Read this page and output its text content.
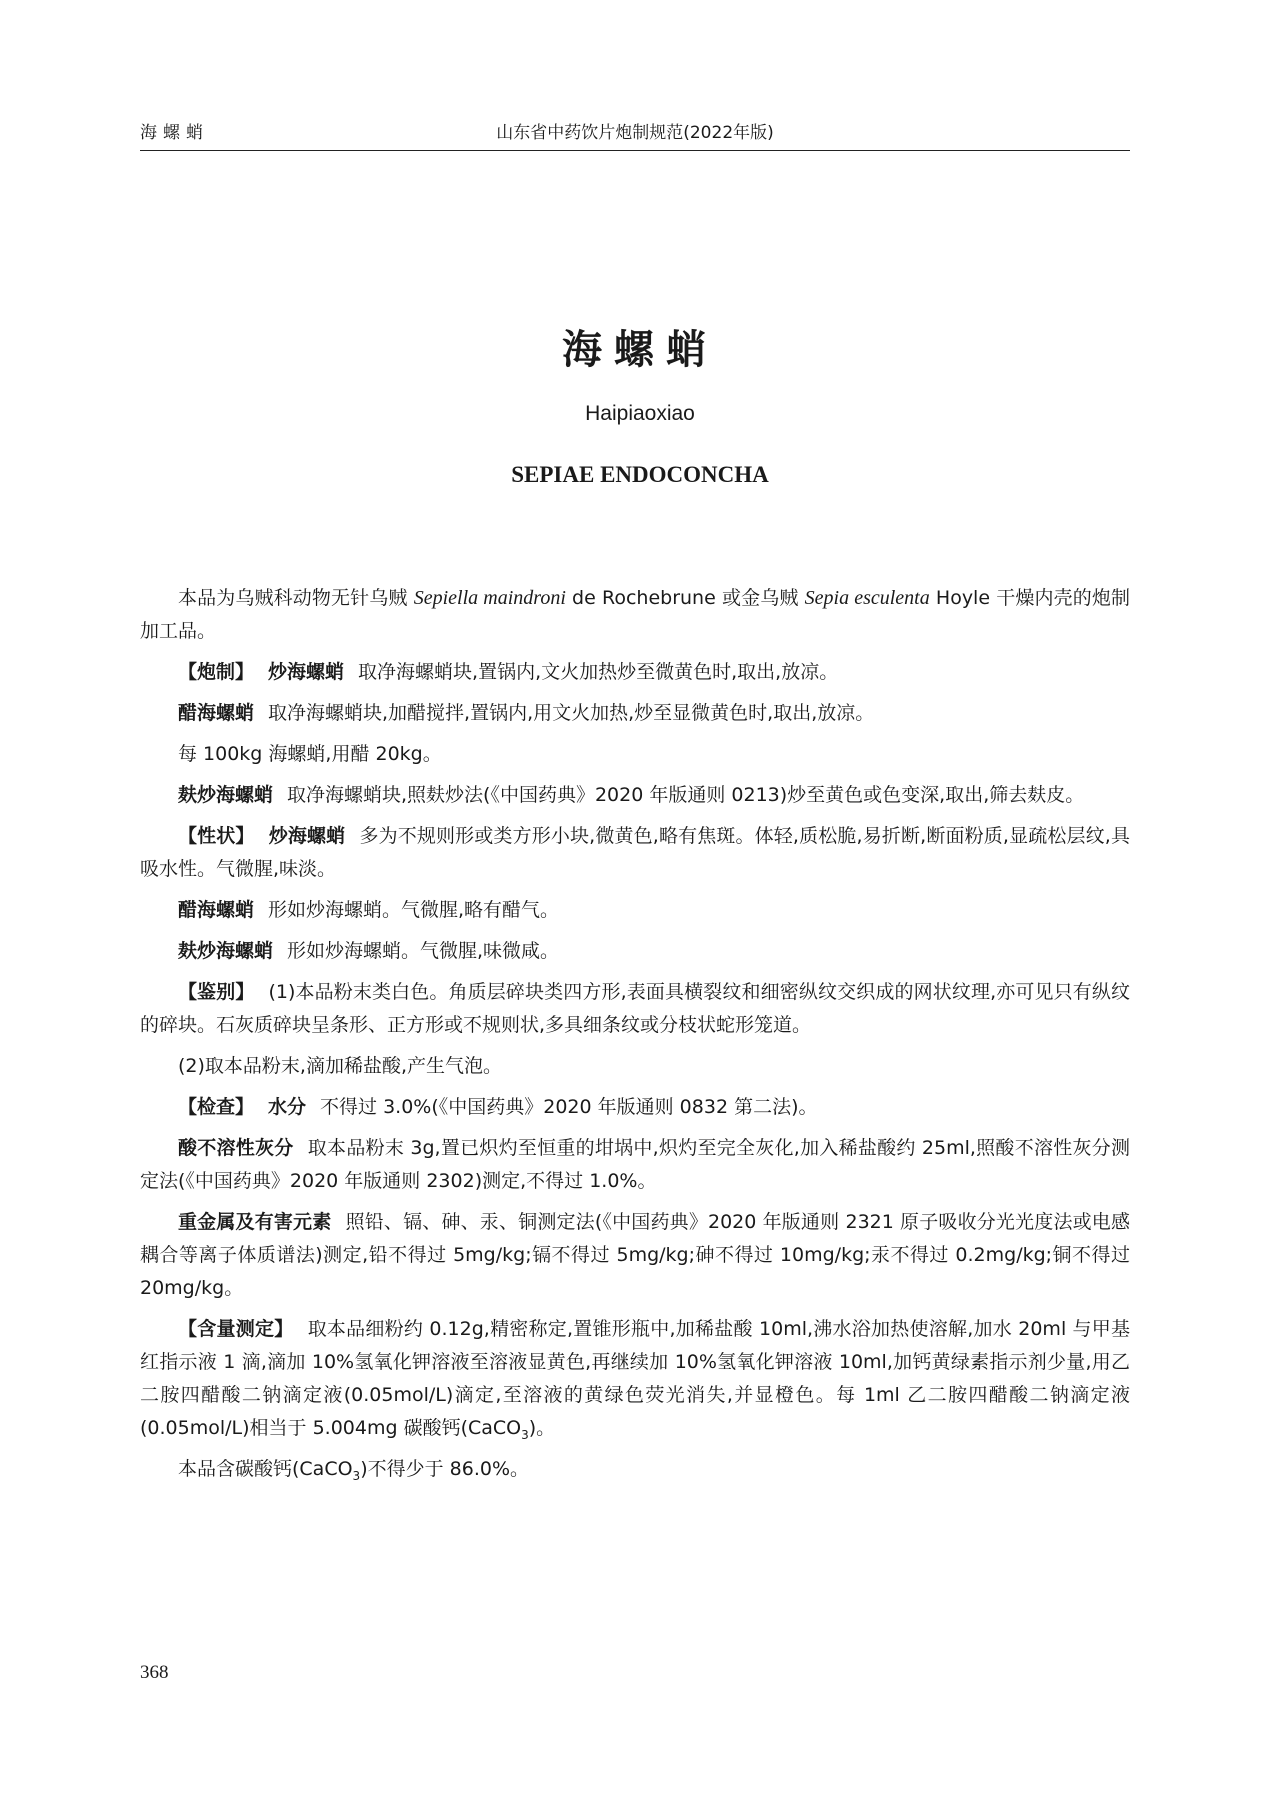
海螺蛸	山东省中药饮片炮制规范(2022年版)
海螺蛸
Haipiaoxiao
SEPIAE ENDOCONCHA

本品为乌贼科动物无针乌贼 Sepiella maindroni de Rochebrune 或金乌贼 Sepia esculenta Hoyle 干燥内壳的炮制加工品。

【炮制】 炒海螺蛸 取净海螺蛸块,置锅内,文火加热炒至微黄色时,取出,放凉。

醋海螺蛸 取净海螺蛸块,加醋搅拌,置锅内,用文火加热,炒至显微黄色时,取出,放凉。

每 100kg 海螺蛸,用醋 20kg。

麸炒海螺蛸 取净海螺蛸块,照麸炒法(《中国药典》2020 年版通则 0213)炒至黄色或色变深,取出,筛去麸皮。

【性状】 炒海螺蛸 多为不规则形或类方形小块,微黄色,略有焦斑。体轻,质松脆,易折断,断面粉质,显疏松层纹,具吸水性。气微腥,味淡。

醋海螺蛸 形如炒海螺蛸。气微腥,略有醋气。

麸炒海螺蛸 形如炒海螺蛸。气微腥,味微咸。

【鉴别】 (1)本品粉末类白色。角质层碎块类四方形,表面具横裂纹和细密纵纹交织成的网状纹理,亦可见只有纵纹的碎块。石灰质碎块呈条形、正方形或不规则状,多具细条纹或分枝状蛇形笼道。

(2)取本品粉末,滴加稀盐酸,产生气泡。

【检查】 水分 不得过 3.0%(《中国药典》2020 年版通则 0832 第二法)。

酸不溶性灰分 取本品粉末 3g,置已炽灼至恒重的坩埚中,炽灼至完全灰化,加入稀盐酸约 25ml,照酸不溶性灰分测定法(《中国药典》2020 年版通则 2302)测定,不得过 1.0%。

重金属及有害元素 照铅、镉、砷、汞、铜测定法(《中国药典》2020 年版通则 2321 原子吸收分光光度法或电感耦合等离子体质谱法)测定,铅不得过 5mg/kg;镉不得过 5mg/kg;砷不得过 10mg/kg;汞不得过 0.2mg/kg;铜不得过 20mg/kg。

【含量测定】 取本品细粉约 0.12g,精密称定,置锥形瓶中,加稀盐酸 10ml,沸水浴加热使溶解,加水 20ml 与甲基红指示液 1 滴,滴加 10%氢氧化钾溶液至溶液显黄色,再继续加 10%氢氧化钾溶液 10ml,加钙黄绿素指示剂少量,用乙二胺四醋酸二钠滴定液(0.05mol/L)滴定,至溶液的黄绿色荧光消失,并显橙色。每 1ml 乙二胺四醋酸二钠滴定液(0.05mol/L)相当于 5.004mg 碳酸钙(CaCO$_3$)。

本品含碳酸钙(CaCO$_3$)不得少于 86.0%。

368
